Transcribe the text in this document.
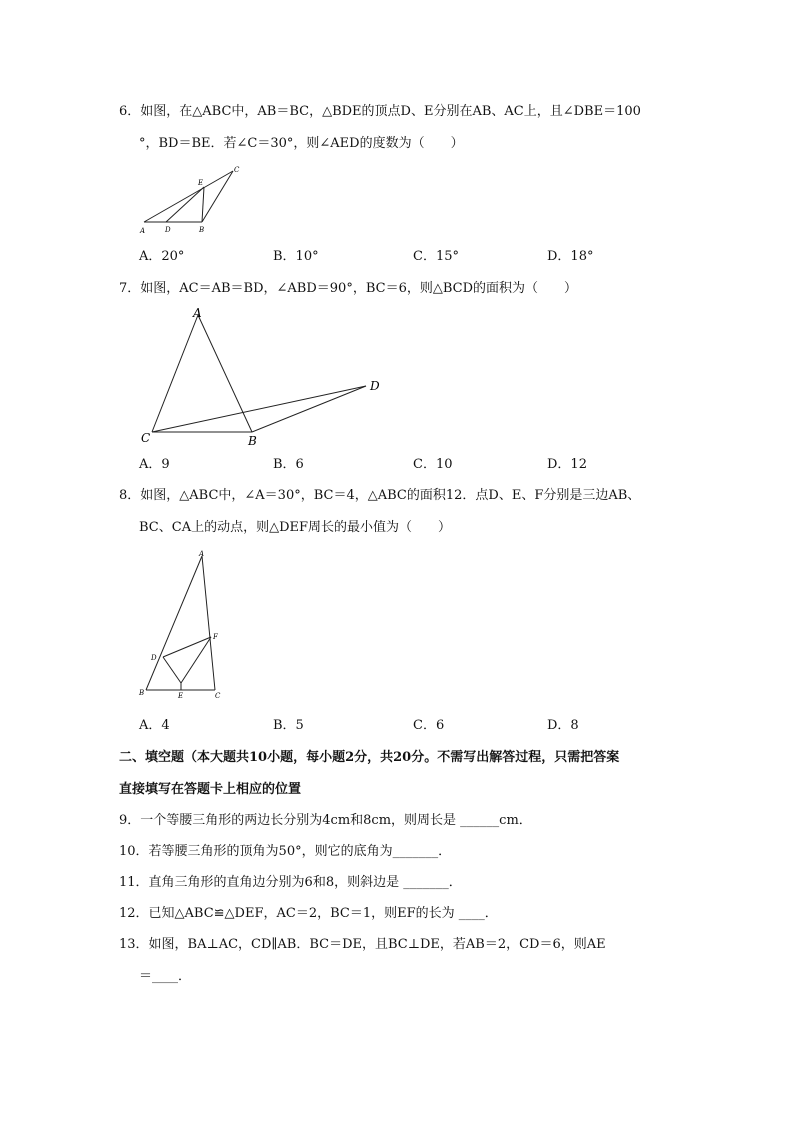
6．如图，在△ABC中，AB＝BC，△BDE的顶点D、E分别在AB、AC上，且∠DBE＝100
°，BD＝BE．若∠C＝30°，则∠AED的度数为（　　）
A	D	B
E
C
A．20°	B．10°	C．15°	D．18°
7．如图，AC＝AB＝BD，∠ABD＝90°，BC＝6，则△BCD的面积为（　　）
A
C	B
D
A．9	B．6	C．10	D．12
8．如图，△ABC中，∠A＝30°，BC＝4，△ABC的面积12．点D、E、F分别是三边AB、
BC、CA上的动点，则△DEF周长的最小值为（　　）
A
D
F
B	E	C
A．4	B．5	C．6	D．8
二、填空题（本大题共10小题，每小题2分，共20分。不需写出解答过程，只需把答案
直接填写在答题卡上相应的位置
9．一个等腰三角形的两边长分别为4cm和8cm，则周长是 ______cm．
10．若等腰三角形的顶角为50°，则它的底角为_______．
11．直角三角形的直角边分别为6和8，则斜边是 _______．
12．已知△ABC≌△DEF，AC＝2，BC＝1，则EF的长为 ____．
13．如图，BA⊥AC，CD∥AB．BC＝DE，且BC⊥DE，若AB＝2，CD＝6，则AE
＝____．
